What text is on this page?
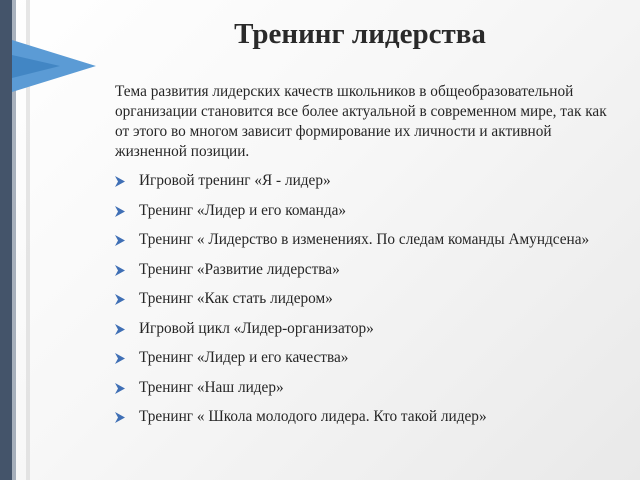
Тренинг лидерства

Тема развития лидерских качеств школьников в общеобразовательной организации становится все более актуальной в современном мире, так как от этого во многом зависит формирование их личности и активной жизненной позиции.

Игровой тренинг «Я - лидер»
Тренинг «Лидер и его команда»
Тренинг « Лидерство в изменениях. По следам команды Амундсена»
Тренинг «Развитие лидерства»
Тренинг «Как стать лидером»
Игровой цикл «Лидер-организатор»
Тренинг «Лидер и его качества»
Тренинг «Наш лидер»
Тренинг « Школа молодого лидера. Кто такой лидер»
